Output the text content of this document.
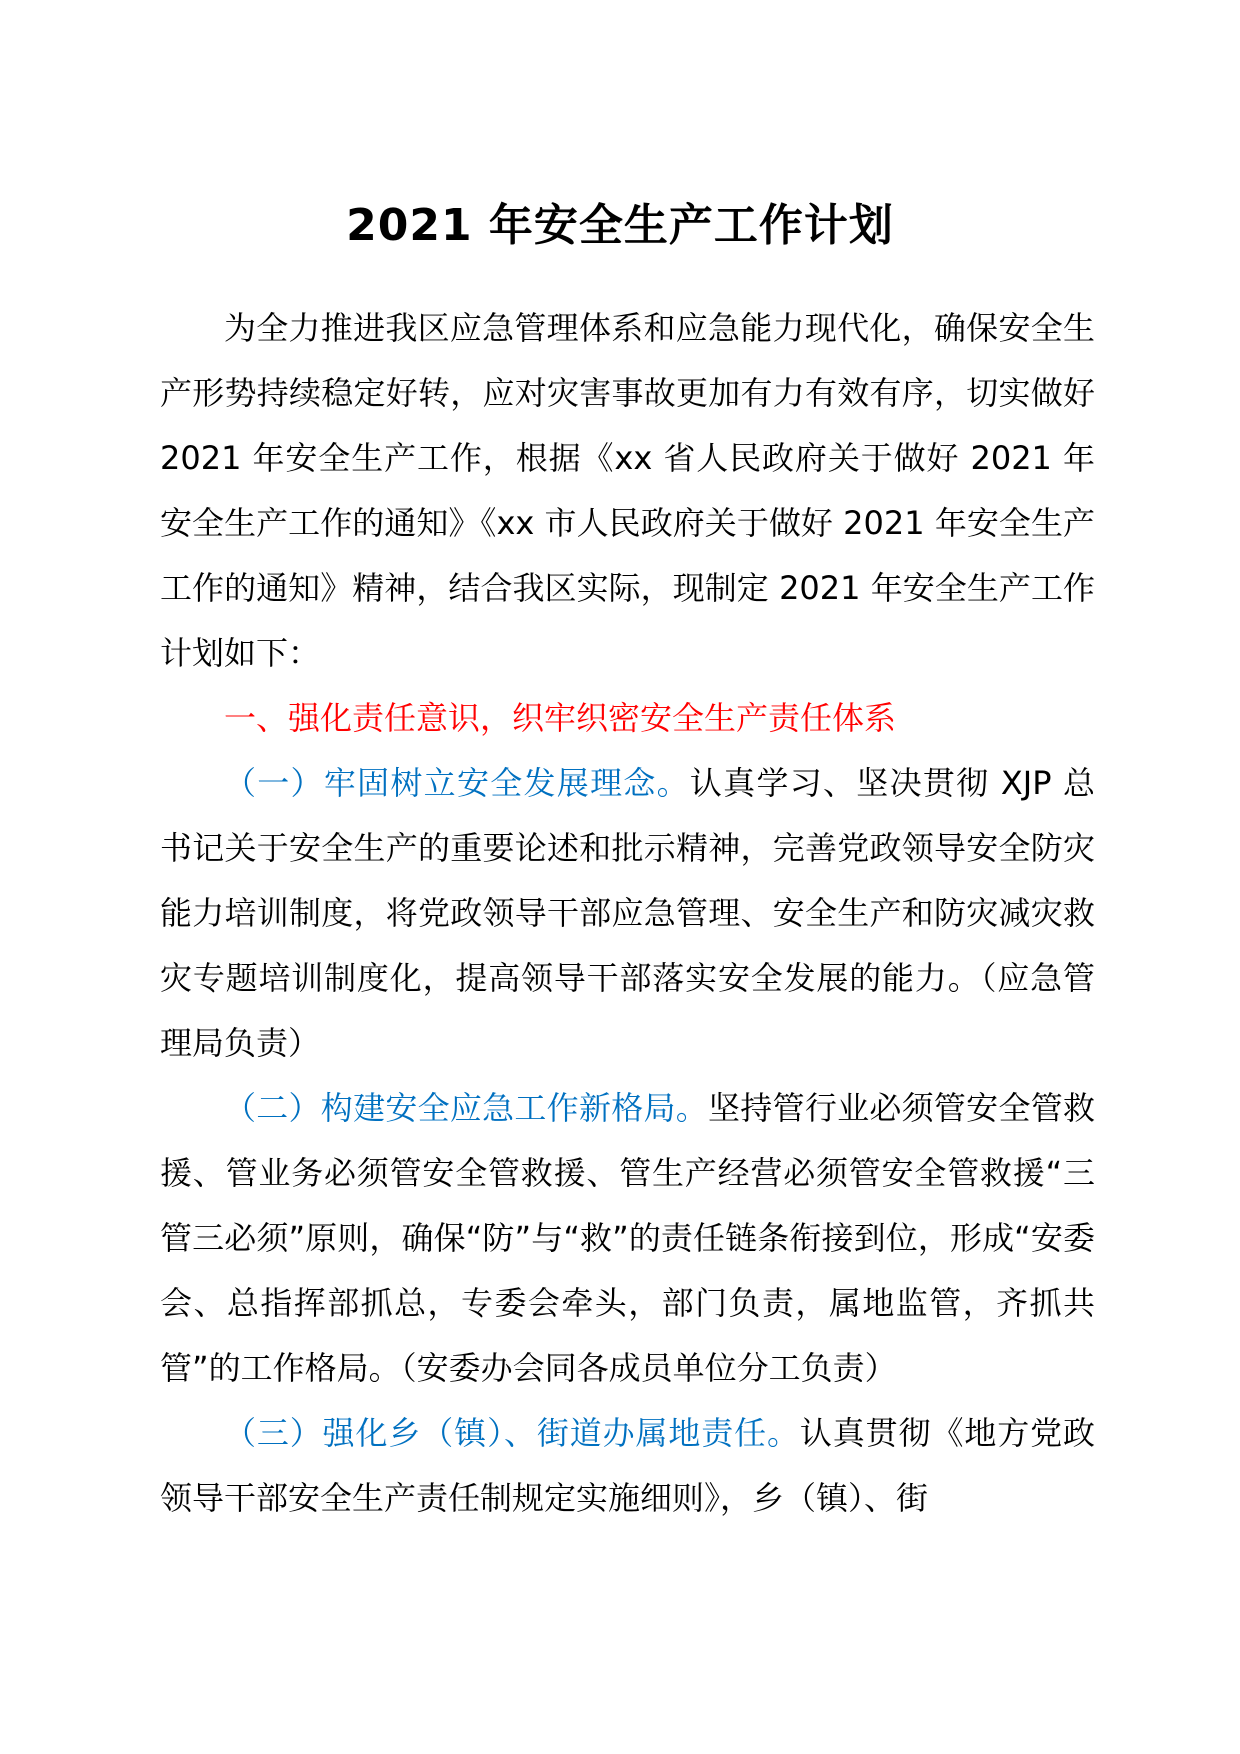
2021 年安全生产工作计划

为全力推进我区应急管理体系和应急能力现代化，确保安全生产形势持续稳定好转，应对灾害事故更加有力有效有序，切实做好 2021 年安全生产工作，根据《xx 省人民政府关于做好 2021 年安全生产工作的通知》《xx 市人民政府关于做好 2021 年安全生产工作的通知》精神，结合我区实际，现制定 2021 年安全生产工作计划如下：

一、强化责任意识，织牢织密安全生产责任体系

（一）牢固树立安全发展理念。认真学习、坚决贯彻 XJP 总书记关于安全生产的重要论述和批示精神，完善党政领导安全防灾能力培训制度，将党政领导干部应急管理、安全生产和防灾减灾救灾专题培训制度化，提高领导干部落实安全发展的能力。（应急管理局负责）

（二）构建安全应急工作新格局。坚持管行业必须管安全管救援、管业务必须管安全管救援、管生产经营必须管安全管救援“三管三必须”原则，确保“防”与“救”的责任链条衔接到位，形成“安委会、总指挥部抓总，专委会牵头，部门负责，属地监管，齐抓共管”的工作格局。（安委办会同各成员单位分工负责）

（三）强化乡（镇）、街道办属地责任。认真贯彻《地方党政领导干部安全生产责任制规定实施细则》，乡（镇）、街
